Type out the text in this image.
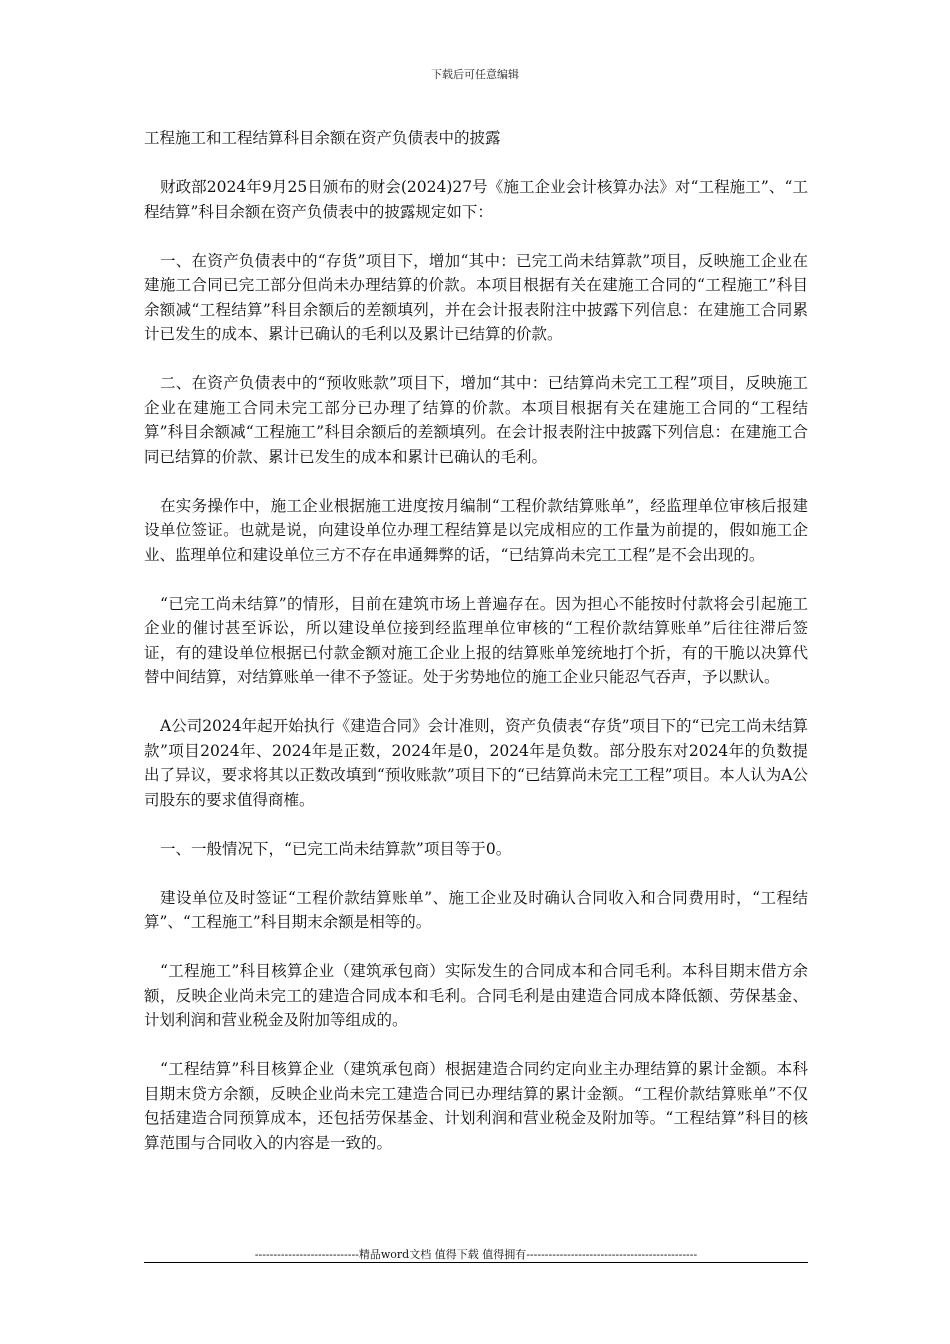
下载后可任意编辑

工程施工和工程结算科目余额在资产负债表中的披露

财政部2024年9月25日颁布的财会(2024)27号《施工企业会计核算办法》对“工程施工”、“工程结算”科目余额在资产负债表中的披露规定如下：

一、在资产负债表中的“存货”项目下，增加“其中：已完工尚未结算款”项目，反映施工企业在建施工合同已完工部分但尚未办理结算的价款。本项目根据有关在建施工合同的“工程施工”科目余额减“工程结算”科目余额后的差额填列，并在会计报表附注中披露下列信息：在建施工合同累计已发生的成本、累计已确认的毛利以及累计已结算的价款。

二、在资产负债表中的“预收账款”项目下，增加“其中：已结算尚未完工工程”项目，反映施工企业在建施工合同未完工部分已办理了结算的价款。本项目根据有关在建施工合同的“工程结算”科目余额减“工程施工”科目余额后的差额填列。在会计报表附注中披露下列信息：在建施工合同已结算的价款、累计已发生的成本和累计已确认的毛利。

在实务操作中，施工企业根据施工进度按月编制“工程价款结算账单”，经监理单位审核后报建设单位签证。也就是说，向建设单位办理工程结算是以完成相应的工作量为前提的，假如施工企业、监理单位和建设单位三方不存在串通舞弊的话，“已结算尚未完工工程”是不会出现的。

“已完工尚未结算”的情形，目前在建筑市场上普遍存在。因为担心不能按时付款将会引起施工企业的催讨甚至诉讼，所以建设单位接到经监理单位审核的“工程价款结算账单”后往往滞后签证，有的建设单位根据已付款金额对施工企业上报的结算账单笼统地打个折，有的干脆以决算代替中间结算，对结算账单一律不予签证。处于劣势地位的施工企业只能忍气吞声，予以默认。

A公司2024年起开始执行《建造合同》会计准则，资产负债表“存货”项目下的“已完工尚未结算款”项目2024年、2024年是正数，2024年是0，2024年是负数。部分股东对2024年的负数提出了异议，要求将其以正数改填到“预收账款”项目下的“已结算尚未完工工程”项目。本人认为A公司股东的要求值得商榷。

一、一般情况下，“已完工尚未结算款”项目等于0。

建设单位及时签证“工程价款结算账单”、施工企业及时确认合同收入和合同费用时，“工程结算”、“工程施工”科目期末余额是相等的。

“工程施工”科目核算企业（建筑承包商）实际发生的合同成本和合同毛利。本科目期末借方余额，反映企业尚未完工的建造合同成本和毛利。合同毛利是由建造合同成本降低额、劳保基金、计划利润和营业税金及附加等组成的。

“工程结算”科目核算企业（建筑承包商）根据建造合同约定向业主办理结算的累计金额。本科目期末贷方余额，反映企业尚未完工建造合同已办理结算的累计金额。“工程价款结算账单”不仅包括建造合同预算成本，还包括劳保基金、计划利润和营业税金及附加等。“工程结算”科目的核算范围与合同收入的内容是一致的。

----------------------------精品word文档 值得下载 值得拥有----------------------------------------------
